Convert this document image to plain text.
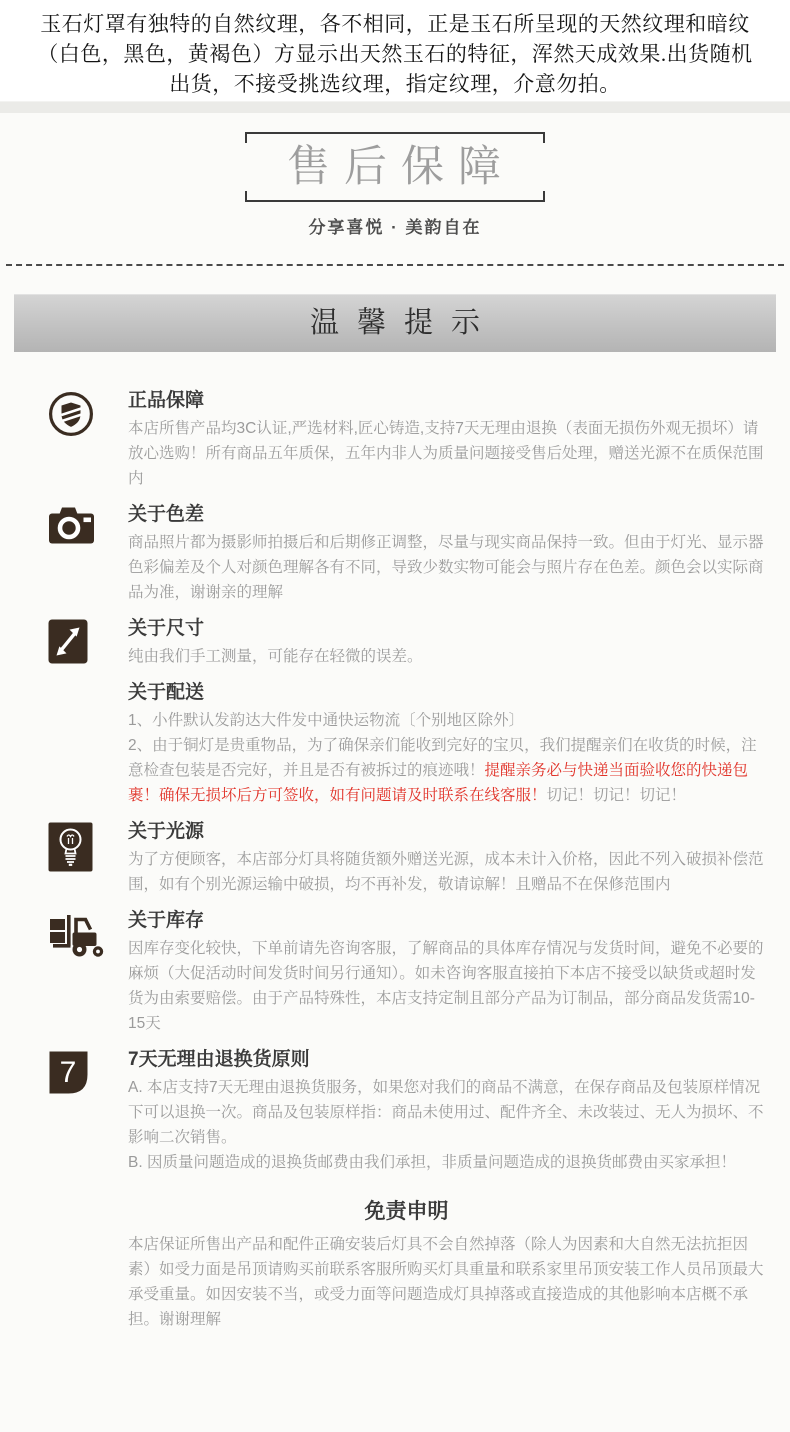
玉石灯罩有独特的自然纹理，各不相同，正是玉石所呈现的天然纹理和暗纹
（白色，黑色，黄褐色）方显示出天然玉石的特征，浑然天成效果.出货随机
出货，不接受挑选纹理，指定纹理，介意勿拍。
售后保障
分享喜悦 · 美韵自在
温馨提示
正品保障

本店所售产品均3C认证,严选材料,匠心铸造,支持7天无理由退换（表面无损伤外观无损坏）请放心选购！所有商品五年质保，五年内非人为质量问题接受售后处理，赠送光源不在质保范围内

关于色差

商品照片都为摄影师拍摄后和后期修正调整，尽量与现实商品保持一致。但由于灯光、显示器色彩偏差及个人对颜色理解各有不同，导致少数实物可能会与照片存在色差。颜色会以实际商品为准，谢谢亲的理解

关于尺寸

纯由我们手工测量，可能存在轻微的误差。

关于配送

1、小件默认发韵达大件发中通快运物流〔个别地区除外〕

2、由于铜灯是贵重物品，为了确保亲们能收到完好的宝贝，我们提醒亲们在收货的时候，注意检查包装是否完好，并且是否有被拆过的痕迹哦！提醒亲务必与快递当面验收您的快递包裹！确保无损坏后方可签收，如有问题请及时联系在线客服！切记！切记！切记！

关于光源

为了方便顾客，本店部分灯具将随货额外赠送光源，成本未计入价格，因此不列入破损补偿范围，如有个别光源运输中破损，均不再补发，敬请谅解！且赠品不在保修范围内

关于库存

因库存变化较快，下单前请先咨询客服，了解商品的具体库存情况与发货时间，避免不必要的麻烦（大促活动时间发货时间另行通知）。如未咨询客服直接拍下本店不接受以缺货或超时发货为由索要赔偿。由于产品特殊性，本店支持定制且部分产品为订制品，部分商品发货需10-15天

7	7天无理由退换货原则

A. 本店支持7天无理由退换货服务，如果您对我们的商品不满意，在保存商品及包装原样情况下可以退换一次。商品及包装原样指：商品未使用过、配件齐全、未改装过、无人为损坏、不影响二次销售。

B. 因质量问题造成的退换货邮费由我们承担，非质量问题造成的退换货邮费由买家承担！

免责申明

本店保证所售出产品和配件正确安装后灯具不会自然掉落（除人为因素和大自然无法抗拒因素）如受力面是吊顶请购买前联系客服所购买灯具重量和联系家里吊顶安装工作人员吊顶最大承受重量。如因安装不当，或受力面等问题造成灯具掉落或直接造成的其他影响本店概不承担。谢谢理解
